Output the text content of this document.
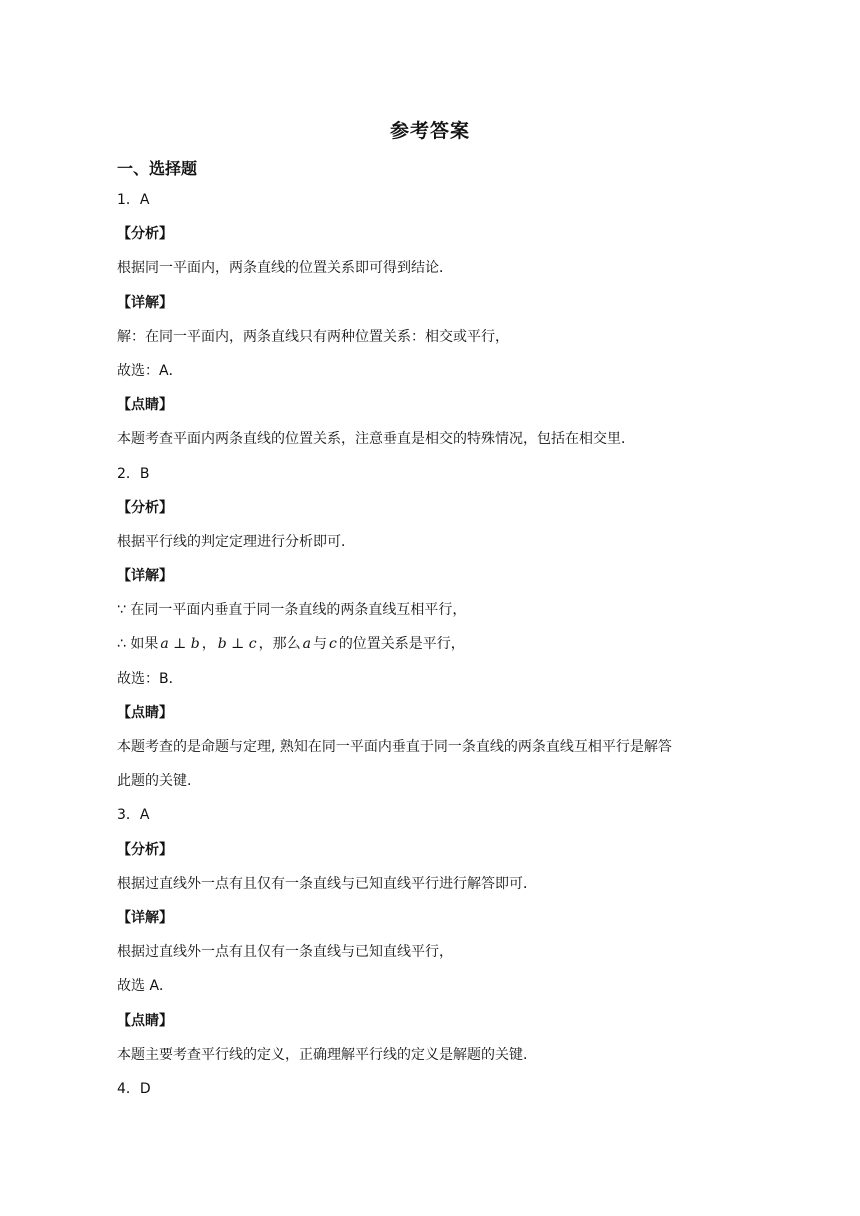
参考答案
一、选择题
1．A
【分析】
根据同一平面内，两条直线的位置关系即可得到结论．
【详解】
解：在同一平面内，两条直线只有两种位置关系：相交或平行，
故选：A．
【点睛】
本题考查平面内两条直线的位置关系，注意垂直是相交的特殊情况，包括在相交里．
2．B
【分析】
根据平行线的判定定理进行分析即可．
【详解】
∵ 在同一平面内垂直于同一条直线的两条直线互相平行，
∴ 如果 a ⊥ b ， b ⊥ c ，那么 a 与 c 的位置关系是平行，
故选：B．
【点睛】
本题考查的是命题与定理, 熟知在同一平面内垂直于同一条直线的两条直线互相平行是解答
此题的关键.
3．A
【分析】
根据过直线外一点有且仅有一条直线与已知直线平行进行解答即可．
【详解】
根据过直线外一点有且仅有一条直线与已知直线平行，
故选 A．
【点睛】
本题主要考查平行线的定义，正确理解平行线的定义是解题的关键.
4．D
